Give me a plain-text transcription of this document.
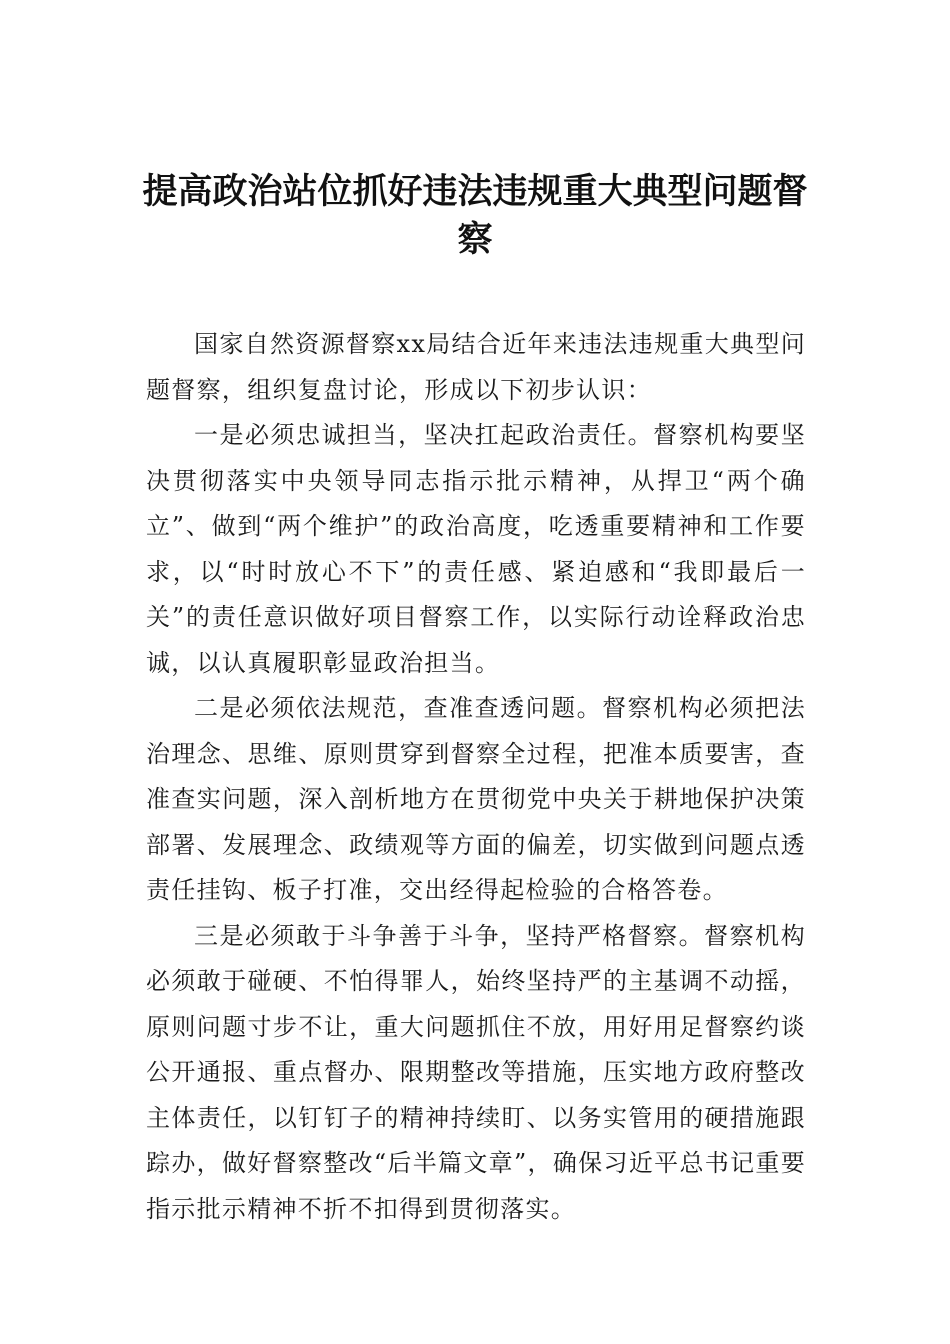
提高政治站位抓好违法违规重大典型问题督察

国家自然资源督察xx局结合近年来违法违规重大典型问题督察，组织复盘讨论，形成以下初步认识：

一是必须忠诚担当，坚决扛起政治责任。督察机构要坚决贯彻落实中央领导同志指示批示精神，从捍卫“两个确立”、做到“两个维护”的政治高度，吃透重要精神和工作要求，以“时时放心不下”的责任感、紧迫感和“我即最后一关”的责任意识做好项目督察工作，以实际行动诠释政治忠诚，以认真履职彰显政治担当。

二是必须依法规范，查准查透问题。督察机构必须把法治理念、思维、原则贯穿到督察全过程，把准本质要害，查准查实问题，深入剖析地方在贯彻党中央关于耕地保护决策部署、发展理念、政绩观等方面的偏差，切实做到问题点透责任挂钩、板子打准，交出经得起检验的合格答卷。

三是必须敢于斗争善于斗争，坚持严格督察。督察机构必须敢于碰硬、不怕得罪人，始终坚持严的主基调不动摇，原则问题寸步不让，重大问题抓住不放，用好用足督察约谈公开通报、重点督办、限期整改等措施，压实地方政府整改主体责任，以钉钉子的精神持续盯、以务实管用的硬措施跟踪办，做好督察整改“后半篇文章”，确保习近平总书记重要指示批示精神不折不扣得到贯彻落实。
